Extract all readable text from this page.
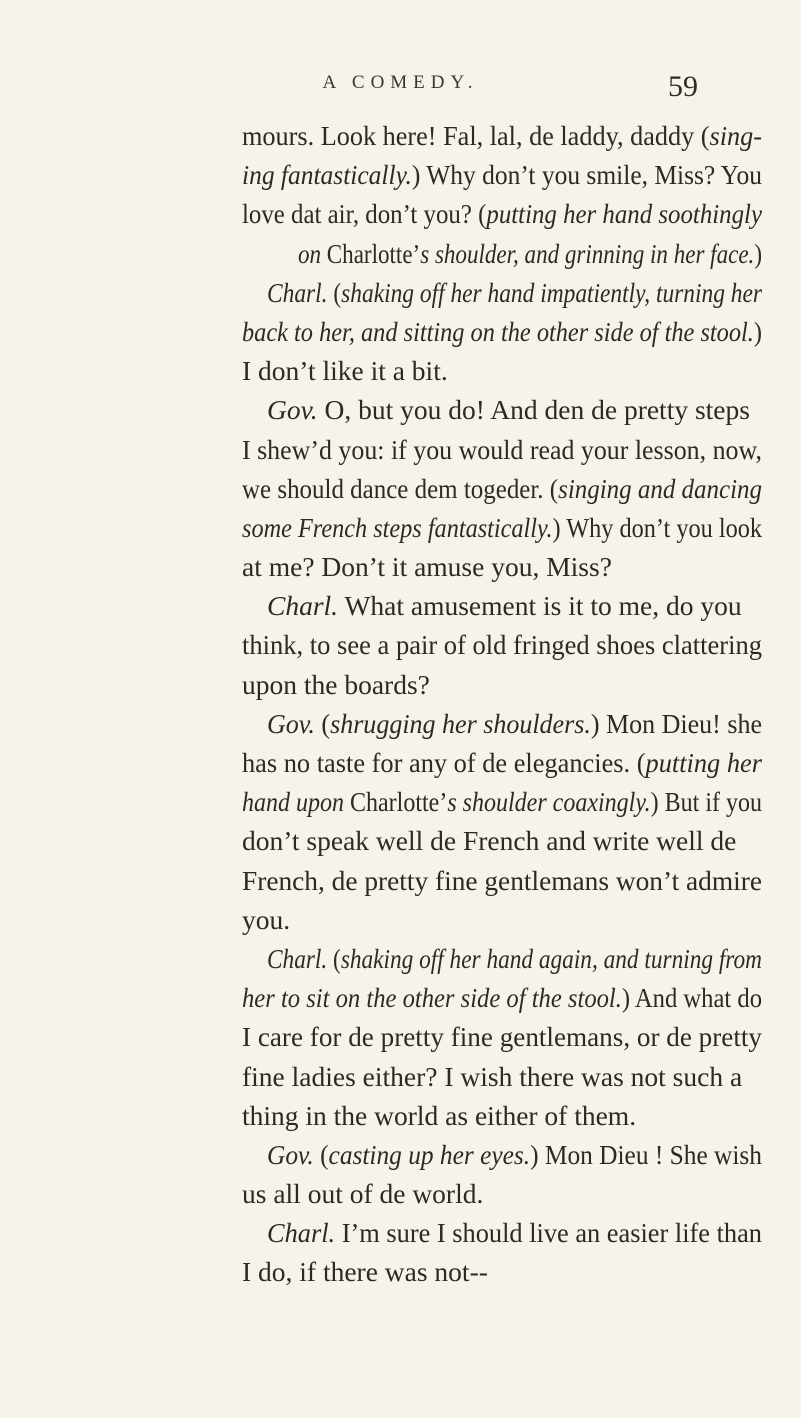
A COMEDY.	59
mours. Look here! Fal, lal, de laddy, daddy (sing-
ing fantastically.) Why don’t you smile, Miss? You
love dat air, don’t you? (putting her hand soothingly
on Charlotte’s shoulder, and grinning in her face.)
Charl. (shaking off her hand impatiently, turning her
back to her, and sitting on the other side of the stool.)
I don’t like it a bit.
Gov. O, but you do! And den de pretty steps
I shew’d you: if you would read your lesson, now,
we should dance dem togeder. (singing and dancing
some French steps fantastically.) Why don’t you look
at me? Don’t it amuse you, Miss?
Charl. What amusement is it to me, do you
think, to see a pair of old fringed shoes clattering
upon the boards?
Gov. (shrugging her shoulders.) Mon Dieu! she
has no taste for any of de elegancies. (putting her
hand upon Charlotte’s shoulder coaxingly.) But if you
don’t speak well de French and write well de
French, de pretty fine gentlemans won’t admire
you.
Charl. (shaking off her hand again, and turning from
her to sit on the other side of the stool.) And what do
I care for de pretty fine gentlemans, or de pretty
fine ladies either? I wish there was not such a
thing in the world as either of them.
Gov. (casting up her eyes.) Mon Dieu ! She wish
us all out of de world.
Charl. I’m sure I should live an easier life than
I do, if there was not--
